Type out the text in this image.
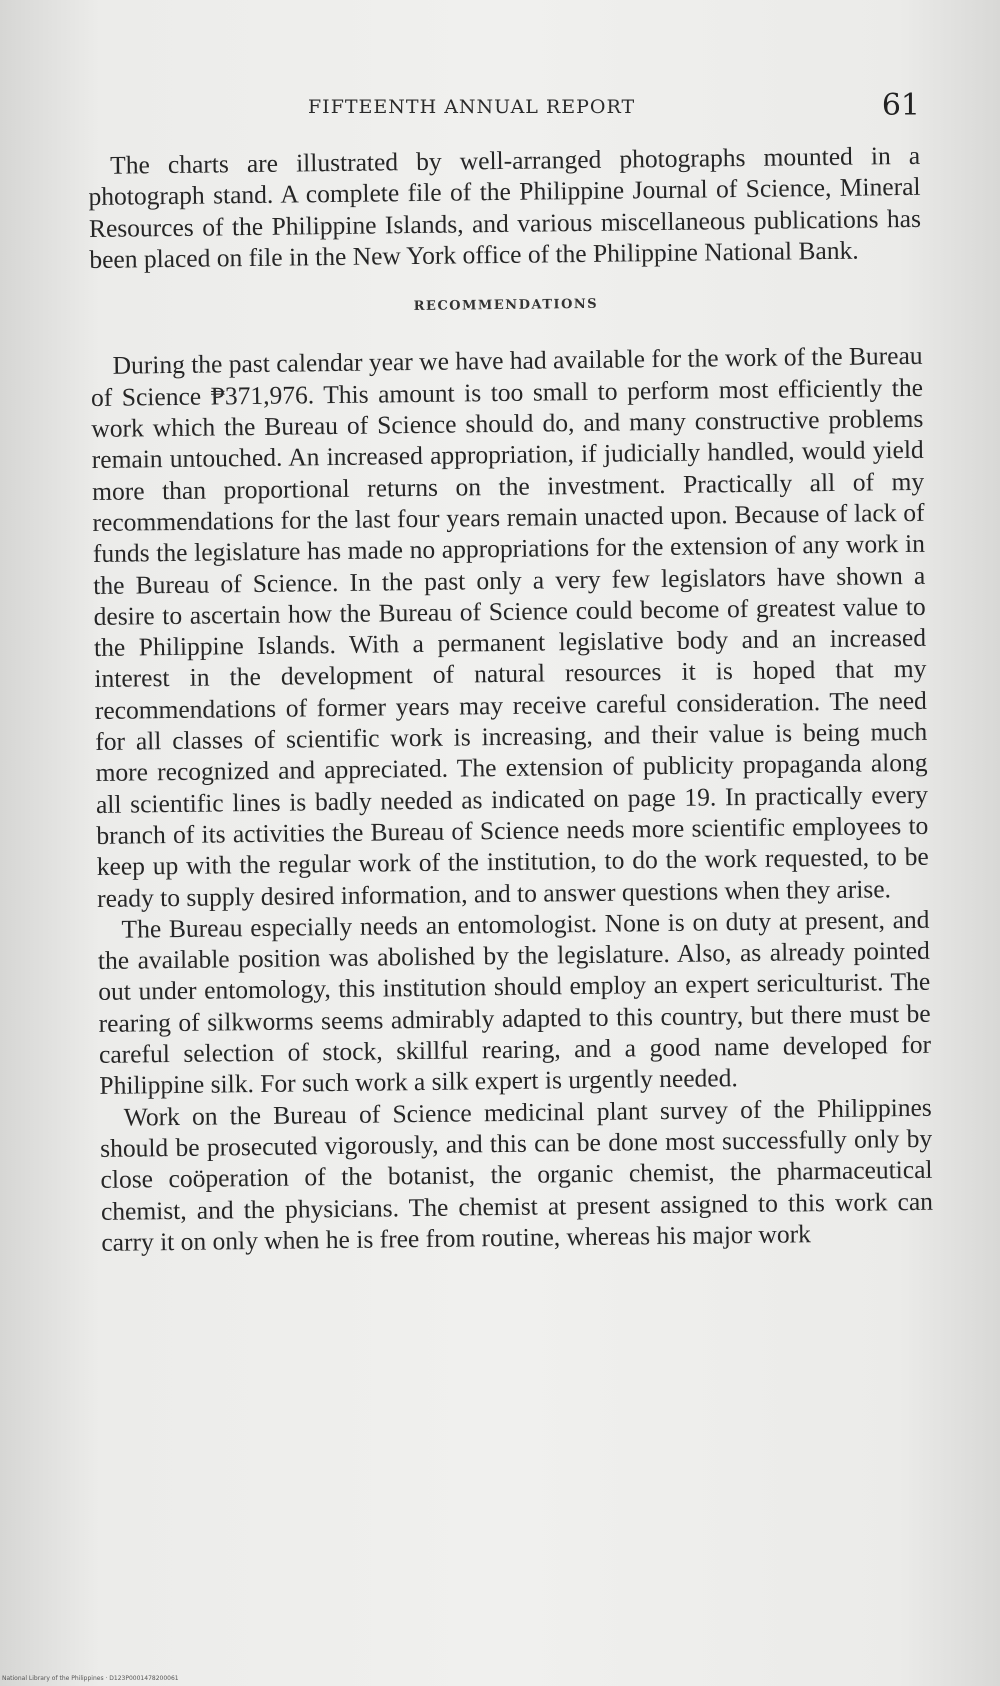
FIFTEENTH ANNUAL REPORT	61

The charts are illustrated by well-arranged photographs mounted in a photograph stand. A complete file of the Philippine Journal of Science, Mineral Resources of the Philippine Islands, and various miscellaneous publications has been placed on file in the New York office of the Philippine National Bank.

RECOMMENDATIONS

During the past calendar year we have had available for the work of the Bureau of Science ₱371,976. This amount is too small to perform most efficiently the work which the Bureau of Science should do, and many constructive problems remain untouched. An increased appropriation, if judicially handled, would yield more than proportional returns on the investment. Practically all of my recommendations for the last four years remain unacted upon. Because of lack of funds the legislature has made no appropriations for the extension of any work in the Bureau of Science. In the past only a very few legislators have shown a desire to ascertain how the Bureau of Science could become of greatest value to the Philippine Islands. With a permanent legislative body and an increased interest in the development of natural resources it is hoped that my recommendations of former years may receive careful consideration. The need for all classes of scientific work is increasing, and their value is being much more recognized and appreciated. The extension of publicity propaganda along all scientific lines is badly needed as indicated on page 19. In practically every branch of its activities the Bureau of Science needs more scientific employees to keep up with the regular work of the institution, to do the work requested, to be ready to supply desired information, and to answer questions when they arise.

The Bureau especially needs an entomologist. None is on duty at present, and the available position was abolished by the legislature. Also, as already pointed out under entomology, this institution should employ an expert sericulturist. The rearing of silkworms seems admirably adapted to this country, but there must be careful selection of stock, skillful rearing, and a good name developed for Philippine silk. For such work a silk expert is urgently needed.

Work on the Bureau of Science medicinal plant survey of the Philippines should be prosecuted vigorously, and this can be done most successfully only by close coöperation of the botanist, the organic chemist, the pharmaceutical chemist, and the physicians. The chemist at present assigned to this work can carry it on only when he is free from routine, whereas his major work

National Library of the Philippines · D123P0001478200061
